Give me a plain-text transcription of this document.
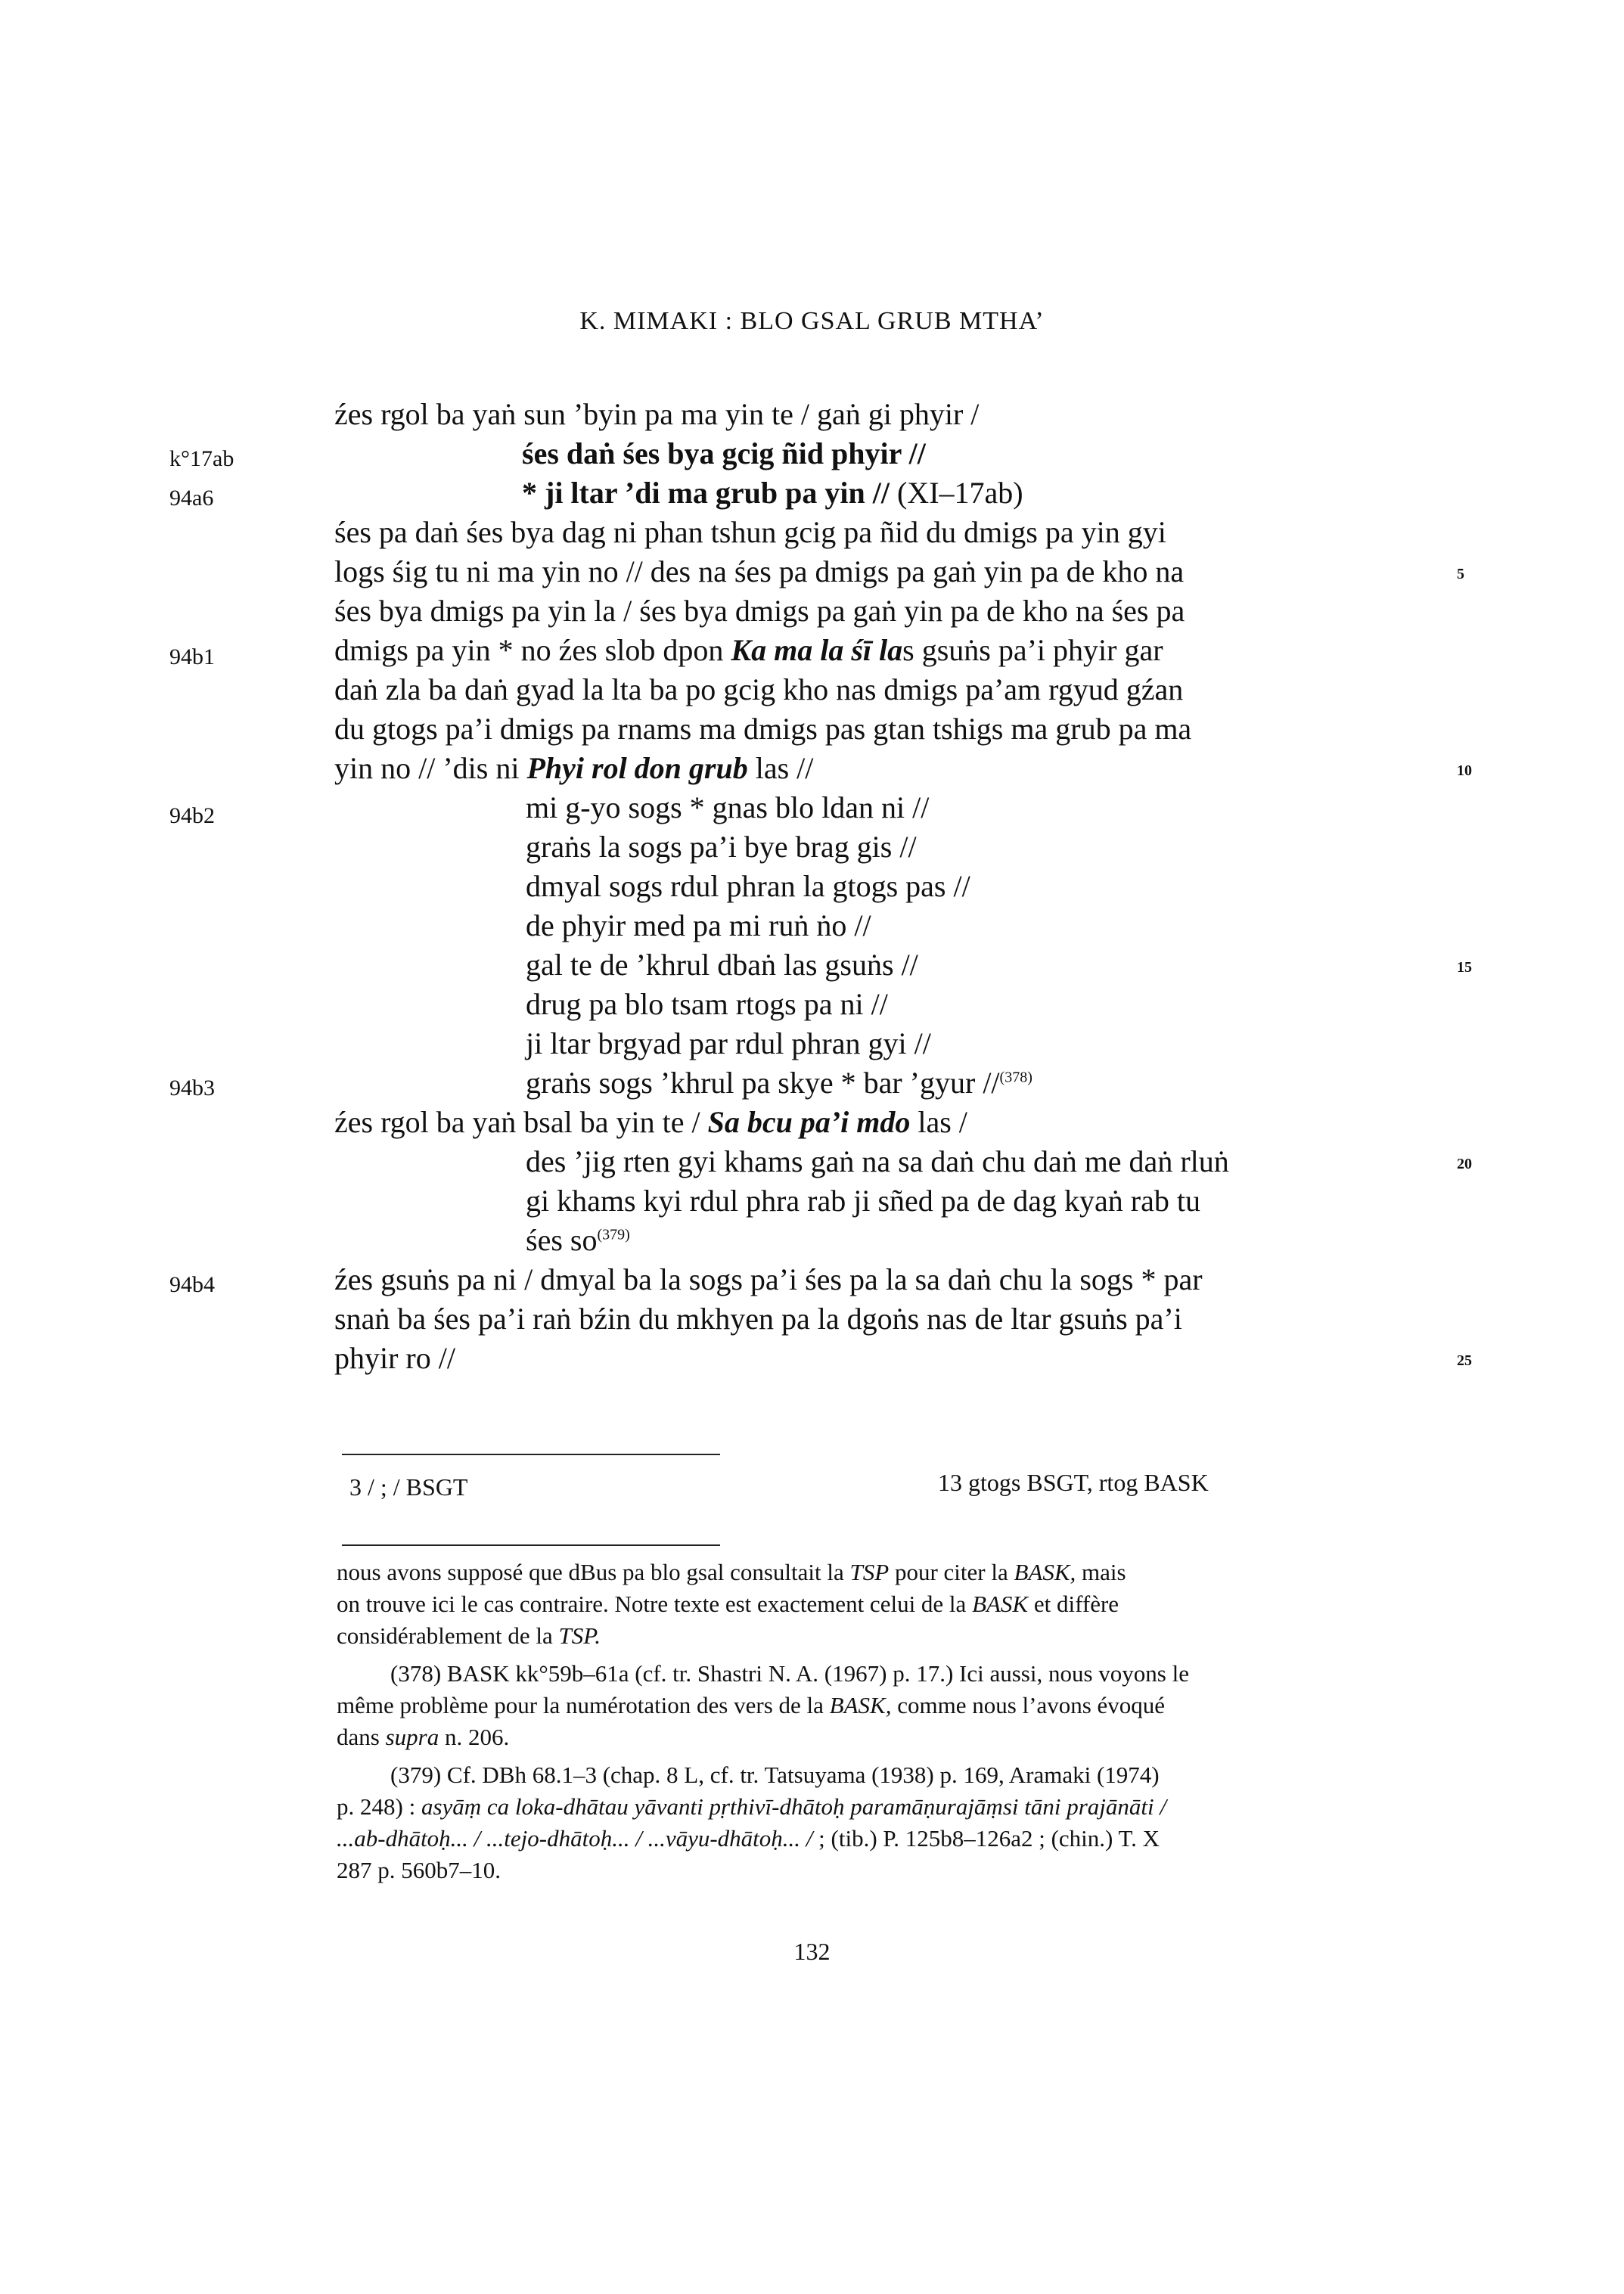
K. MIMAKI : BLO GSAL GRUB MTHA’
k°17ab
94a6
94b1
94b2
94b3
94b4
5
10
15
20
25
źes rgol ba yaṅ sun ’byin pa ma yin te / gaṅ gi phyir /
śes daṅ śes bya gcig ñid phyir //
* ji ltar ’di ma grub pa yin // (XI–17ab)
śes pa daṅ śes bya dag ni phan tshun gcig pa ñid du dmigs pa yin gyi
logs śig tu ni ma yin no // des na śes pa dmigs pa gaṅ yin pa de kho na
śes bya dmigs pa yin la / śes bya dmigs pa gaṅ yin pa de kho na śes pa
dmigs pa yin * no źes slob dpon Ka ma la śī las gsuṅs pa’i phyir gar
daṅ zla ba daṅ gyad la lta ba po gcig kho nas dmigs pa’am rgyud gźan
du gtogs pa’i dmigs pa rnams ma dmigs pas gtan tshigs ma grub pa ma
yin no // ’dis ni Phyi rol don grub las //
mi g-yo sogs * gnas blo ldan ni //
graṅs la sogs pa’i bye brag gis //
dmyal sogs rdul phran la gtogs pas //
de phyir med pa mi ruṅ ṅo //
gal te de ’khrul dbaṅ las gsuṅs //
drug pa blo tsam rtogs pa ni //
ji ltar brgyad par rdul phran gyi //
graṅs sogs ’khrul pa skye * bar ’gyur //$^{(378)}$
źes rgol ba yaṅ bsal ba yin te / Sa bcu pa’i mdo las /
des ’jig rten gyi khams gaṅ na sa daṅ chu daṅ me daṅ rluṅ
gi khams kyi rdul phra rab ji sñed pa de dag kyaṅ rab tu
śes $so^{(379)}$
źes gsuṅs pa ni / dmyal ba la sogs pa’i śes pa la sa daṅ chu la sogs * par
snaṅ ba śes pa’i raṅ bźin du mkhyen pa la dgoṅs nas de ltar gsuṅs pa’i
phyir ro //
3 / ; / BSGT	13 gtogs BSGT, rtog BASK
nous avons supposé que dBus pa blo gsal consultait la TSP pour citer la BASK, mais
on trouve ici le cas contraire. Notre texte est exactement celui de la BASK et diffère
considérablement de la TSP.
(378) BASK kk°59b–61a (cf. tr. Shastri N. A. (1967) p. 17.) Ici aussi, nous voyons le
même problème pour la numérotation des vers de la BASK, comme nous l’avons évoqué
dans supra n. 206.
(379) Cf. DBh 68.1–3 (chap. 8 L, cf. tr. Tatsuyama (1938) p. 169, Aramaki (1974)
p. 248) : asyāṃ ca loka-dhātau yāvanti pṛthivī-dhātoḥ paramāṇurajāṃsi tāni prajānāti /
...ab-dhātoḥ... / ...tejo-dhātoḥ... / ...vāyu-dhātoḥ... / ; (tib.) P. 125b8–126a2 ; (chin.) T. X
287 p. 560b7–10.
132
